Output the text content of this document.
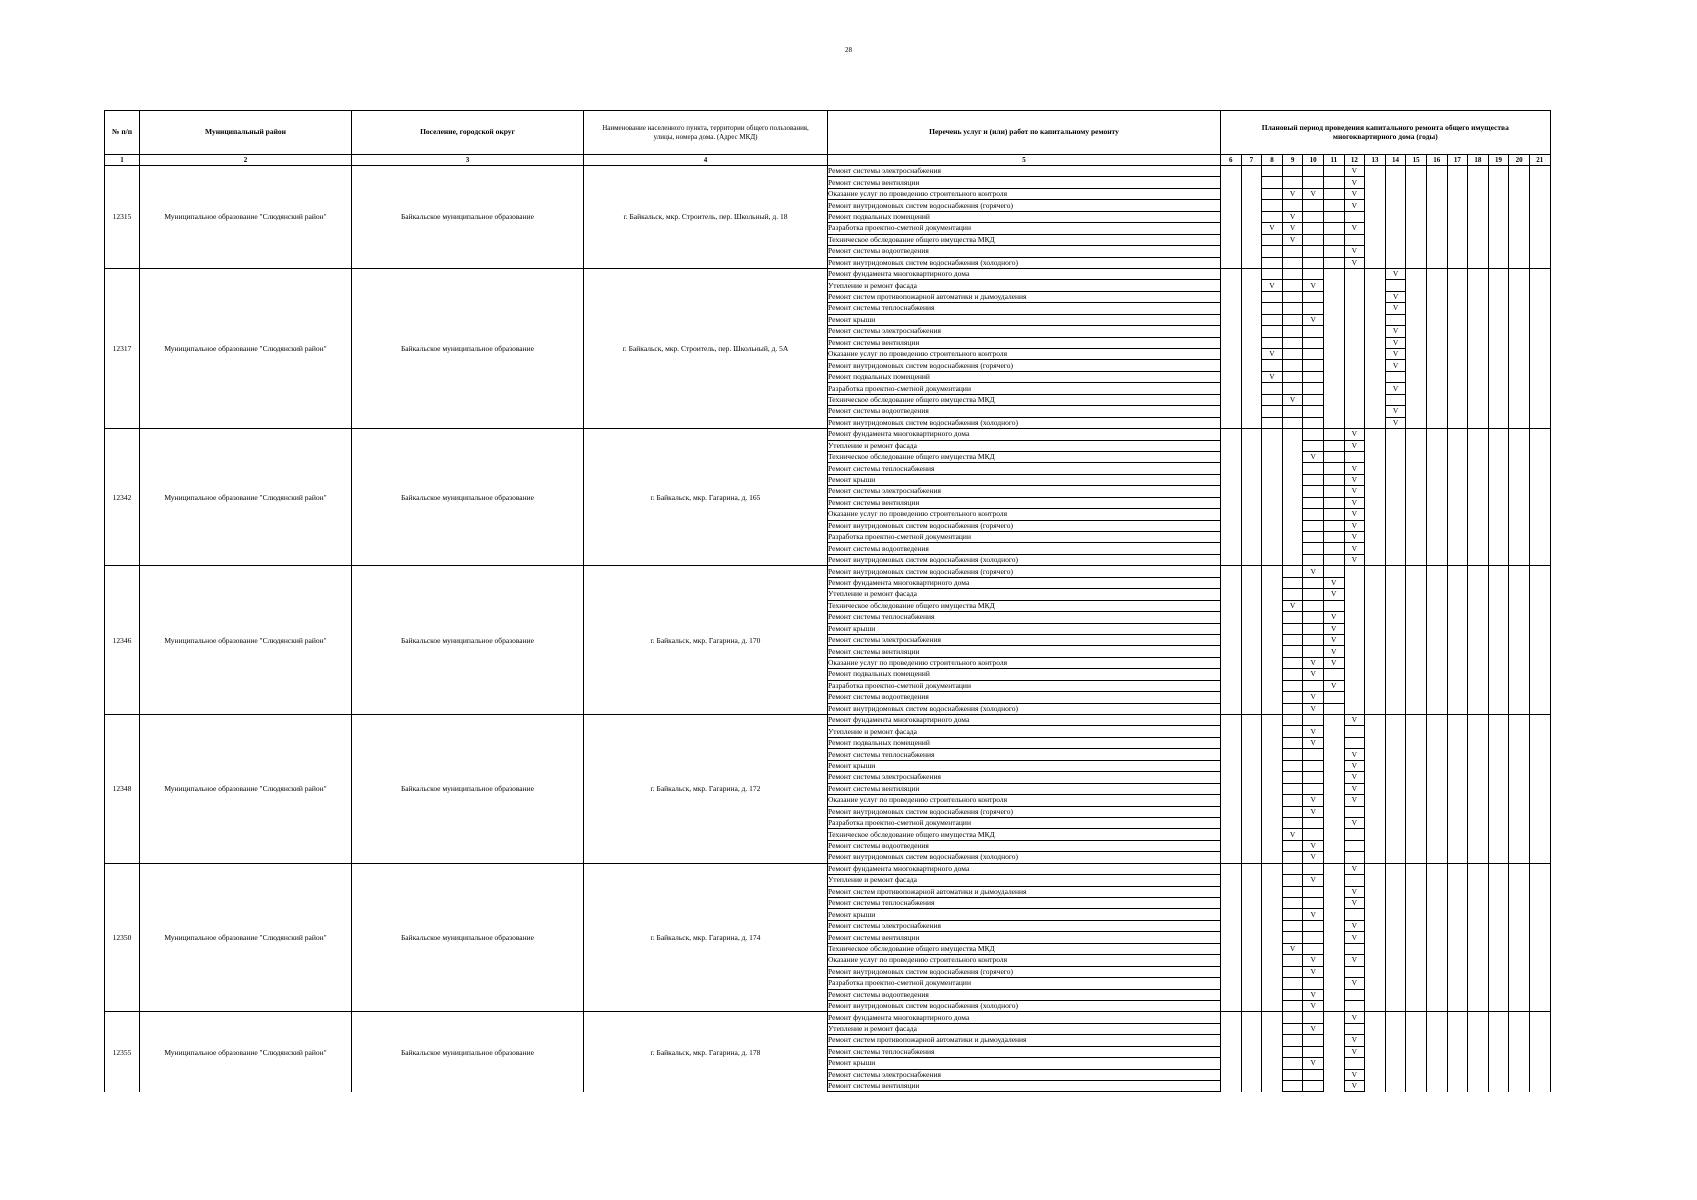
28
№ п/п	Муниципальный район	Поселение, городской округ	Наименование населенного пункта, территории общего пользования, улицы, номера дома. (Адрес МКД)	Перечень услуг и (или) работ по капитальному ремонту	Плановый период проведения капитального ремонта общего имущества многоквартирного дома (годы)															
1	2	3	4	5	6	7	8	9	10	11	12	13	14	15	16	17	18	19	20	21
12315	Муниципальное образование "Слюдянский район"	Байкальское муниципальное образование	г. Байкальск, мкр. Строитель, пер. Школьный, д. 18	Ремонт системы электроснабжения							V									
				Ремонт системы вентиляции							V									
				Оказание услуг по проведению строительного контроля				V	V		V									
				Ремонт внутридомовых систем водоснабжения (горячего)							V									
				Ремонт подвальных помещений				V												
				Разработка проектно-сметной документации			V	V			V									
				Техническое обследование общего имущества МКД				V												
				Ремонт системы водоотведения							V									
				Ремонт внутридомовых систем водоснабжения (холодного)							V									
12317	Муниципальное образование "Слюдянский район"	Байкальское муниципальное образование	г. Байкальск, мкр. Строитель, пер. Школьный, д. 5А	Ремонт фундамента многоквартирного дома									V							
				Утепление и ремонт фасада			V		V											
				Ремонт систем противопожарной автоматики и дымоудаления									V							
				Ремонт системы теплоснабжения									V							
				Ремонт крыши					V											
				Ремонт системы электроснабжения									V							
				Ремонт системы вентиляции									V							
				Оказание услуг по проведению строительного контроля			V						V							
				Ремонт внутридомовых систем водоснабжения (горячего)									V							
				Ремонт подвальных помещений			V													
				Разработка проектно-сметной документации									V							
				Техническое обследование общего имущества МКД				V												
				Ремонт системы водоотведения									V							
				Ремонт внутридомовых систем водоснабжения (холодного)									V							
12342	Муниципальное образование "Слюдянский район"	Байкальское муниципальное образование	г. Байкальск, мкр. Гагарина, д. 165	Ремонт фундамента многоквартирного дома							V									
				Утепление и ремонт фасада							V									
				Техническое обследование общего имущества МКД					V											
				Ремонт системы теплоснабжения							V									
				Ремонт крыши							V									
				Ремонт системы электроснабжения							V									
				Ремонт системы вентиляции							V									
				Оказание услуг по проведению строительного контроля							V									
				Ремонт внутридомовых систем водоснабжения (горячего)							V									
				Разработка проектно-сметной документации							V									
				Ремонт системы водоотведения							V									
				Ремонт внутридомовых систем водоснабжения (холодного)							V									
12346	Муниципальное образование "Слюдянский район"	Байкальское муниципальное образование	г. Байкальск, мкр. Гагарина, д. 170	Ремонт внутридомовых систем водоснабжения (горячего)					V											
				Ремонт фундамента многоквартирного дома						V										
				Утепление и ремонт фасада						V										
				Техническое обследование общего имущества МКД				V												
				Ремонт системы теплоснабжения						V										
				Ремонт крыши						V										
				Ремонт системы электроснабжения						V										
				Ремонт системы вентиляции						V										
				Оказание услуг по проведению строительного контроля					V	V										
				Ремонт подвальных помещений					V											
				Разработка проектно-сметной документации						V										
				Ремонт системы водоотведения					V											
				Ремонт внутридомовых систем водоснабжения (холодного)					V											
12348	Муниципальное образование "Слюдянский район"	Байкальское муниципальное образование	г. Байкальск, мкр. Гагарина, д. 172	Ремонт фундамента многоквартирного дома							V									
				Утепление и ремонт фасада					V											
				Ремонт подвальных помещений					V											
				Ремонт системы теплоснабжения							V									
				Ремонт крыши							V									
				Ремонт системы электроснабжения							V									
				Ремонт системы вентиляции							V									
				Оказание услуг по проведению строительного контроля					V		V									
				Ремонт внутридомовых систем водоснабжения (горячего)					V											
				Разработка проектно-сметной документации							V									
				Техническое обследование общего имущества МКД				V												
				Ремонт системы водоотведения					V											
				Ремонт внутридомовых систем водоснабжения (холодного)					V											
12350	Муниципальное образование "Слюдянский район"	Байкальское муниципальное образование	г. Байкальск, мкр. Гагарина, д. 174	Ремонт фундамента многоквартирного дома							V									
				Утепление и ремонт фасада					V											
				Ремонт систем противопожарной автоматики и дымоудаления							V									
				Ремонт системы теплоснабжения							V									
				Ремонт крыши					V											
				Ремонт системы электроснабжения							V									
				Ремонт системы вентиляции							V									
				Техническое обследование общего имущества МКД				V												
				Оказание услуг по проведению строительного контроля					V		V									
				Ремонт внутридомовых систем водоснабжения (горячего)					V											
				Разработка проектно-сметной документации							V									
				Ремонт системы водоотведения					V											
				Ремонт внутридомовых систем водоснабжения (холодного)					V											
12355	Муниципальное образование "Слюдянский район"	Байкальское муниципальное образование	г. Байкальск, мкр. Гагарина, д. 178	Ремонт фундамента многоквартирного дома							V									
				Утепление и ремонт фасада					V											
				Ремонт систем противопожарной автоматики и дымоудаления							V									
				Ремонт системы теплоснабжения							V									
				Ремонт крыши					V											
				Ремонт системы электроснабжения							V									
				Ремонт системы вентиляции							V									
